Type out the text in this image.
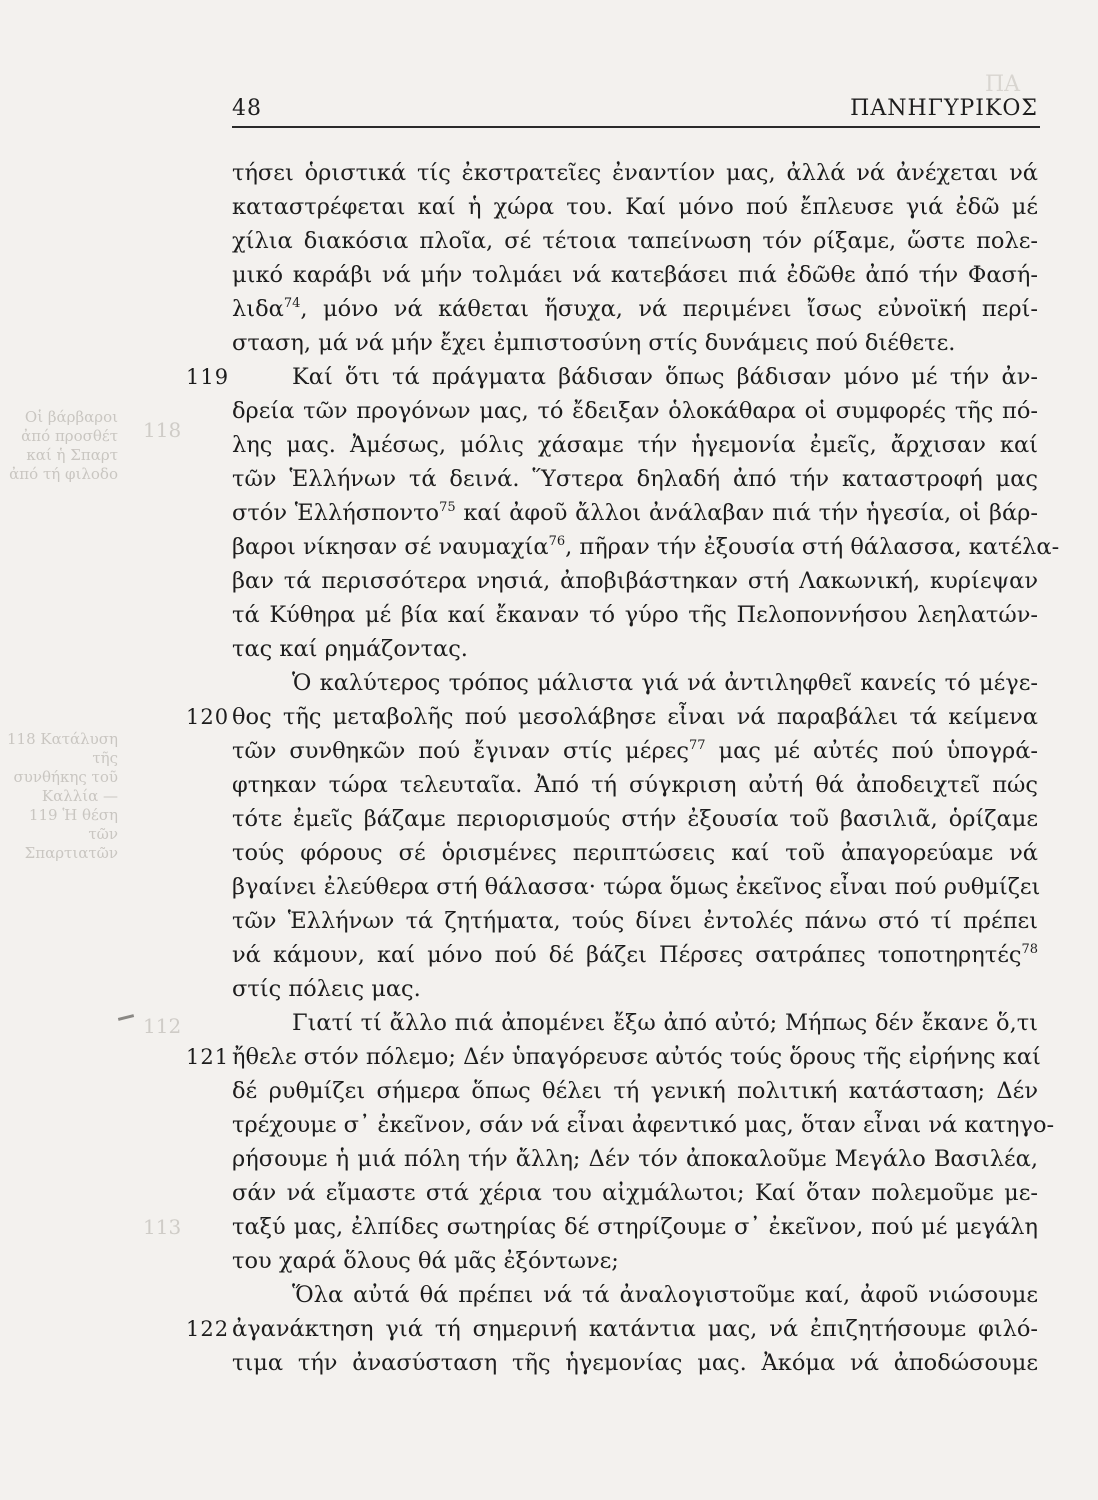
Οἱ βάρβαροι
ἀπό προσθέτ
καί ἡ Σπαρτ
ἀπό τή φιλοδο
118 Κατάλυση τῆς
συνθήκης τοῦ
Καλλία —
119 Ἡ θέση τῶν
Σπαρτιατῶν
118
112
113
ΠΑ
48	ΠΑΝΗΓΥΡΙΚΟΣ
119
120
121
122
τήσει ὁριστικά τίς ἐκστρατεῖες ἐναντίον μας, ἀλλά νά ἀνέχεται νά
καταστρέφεται καί ἡ χώρα του. Καί μόνο πού ἔπλευσε γιά ἐδῶ μέ
χίλια διακόσια πλοῖα, σέ τέτοια ταπείνωση τόν ρίξαμε, ὥστε πολε-
μικό καράβι νά μήν τολμάει νά κατεβάσει πιά ἐδῶθε ἀπό τήν Φασή-
λιδα$^{74}$, μόνο νά κάθεται ἥσυχα, νά περιμένει ἴσως εὐνοϊκή περί-
σταση, μά νά μήν ἔχει ἐμπιστοσύνη στίς δυνάμεις πού διέθετε.
Καί ὅτι τά πράγματα βάδισαν ὅπως βάδισαν μόνο μέ τήν ἀν-
δρεία τῶν προγόνων μας, τό ἔδειξαν ὁλοκάθαρα οἱ συμφορές τῆς πό-
λης μας. Ἀμέσως, μόλις χάσαμε τήν ἡγεμονία ἐμεῖς, ἄρχισαν καί
τῶν Ἑλλήνων τά δεινά. Ὕστερα δηλαδή ἀπό τήν καταστροφή μας
στόν Ἑλλήσποντο$^{75}$ καί ἀφοῦ ἄλλοι ἀνάλαβαν πιά τήν ἡγεσία, οἱ βάρ-
βαροι νίκησαν σέ ναυμαχία$^{76}$, πῆραν τήν ἐξουσία στή θάλασσα, κατέλα-
βαν τά περισσότερα νησιά, ἀποβιβάστηκαν στή Λακωνική, κυρίεψαν
τά Κύθηρα μέ βία καί ἔκαναν τό γύρο τῆς Πελοποννήσου λεηλατών-
τας καί ρημάζοντας.
Ὁ καλύτερος τρόπος μάλιστα γιά νά ἀντιληφθεῖ κανείς τό μέγε-
θος τῆς μεταβολῆς πού μεσολάβησε εἶναι νά παραβάλει τά κείμενα
τῶν συνθηκῶν πού ἔγιναν στίς μέρες$^{77}$ μας μέ αὐτές πού ὑπογρά-
φτηκαν τώρα τελευταῖα. Ἀπό τή σύγκριση αὐτή θά ἀποδειχτεῖ πώς
τότε ἐμεῖς βάζαμε περιορισμούς στήν ἐξουσία τοῦ βασιλιᾶ, ὁρίζαμε
τούς φόρους σέ ὁρισμένες περιπτώσεις καί τοῦ ἀπαγορεύαμε νά
βγαίνει ἐλεύθερα στή θάλασσα· τώρα ὅμως ἐκεῖνος εἶναι πού ρυθμίζει
τῶν Ἑλλήνων τά ζητήματα, τούς δίνει ἐντολές πάνω στό τί πρέπει
νά κάμουν, καί μόνο πού δέ βάζει Πέρσες σατράπες τοποτηρητές$^{78}$
στίς πόλεις μας.
Γιατί τί ἄλλο πιά ἀπομένει ἔξω ἀπό αὐτό; Μήπως δέν ἔκανε ὅ,τι
ἤθελε στόν πόλεμο; Δέν ὑπαγόρευσε αὐτός τούς ὅρους τῆς εἰρήνης καί
δέ ρυθμίζει σήμερα ὅπως θέλει τή γενική πολιτική κατάσταση; Δέν
τρέχουμε σ᾿ ἐκεῖνον, σάν νά εἶναι ἀφεντικό μας, ὅταν εἶναι νά κατηγο-
ρήσουμε ἡ μιά πόλη τήν ἄλλη; Δέν τόν ἀποκαλοῦμε Μεγάλο Βασιλέα,
σάν νά εἴμαστε στά χέρια του αἰχμάλωτοι; Καί ὅταν πολεμοῦμε με-
ταξύ μας, ἐλπίδες σωτηρίας δέ στηρίζουμε σ᾿ ἐκεῖνον, πού μέ μεγάλη
του χαρά ὅλους θά μᾶς ἐξόντωνε;
Ὅλα αὐτά θά πρέπει νά τά ἀναλογιστοῦμε καί, ἀφοῦ νιώσουμε
ἀγανάκτηση γιά τή σημερινή κατάντια μας, νά ἐπιζητήσουμε φιλό-
τιμα τήν ἀνασύσταση τῆς ἡγεμονίας μας. Ἀκόμα νά ἀποδώσουμε
